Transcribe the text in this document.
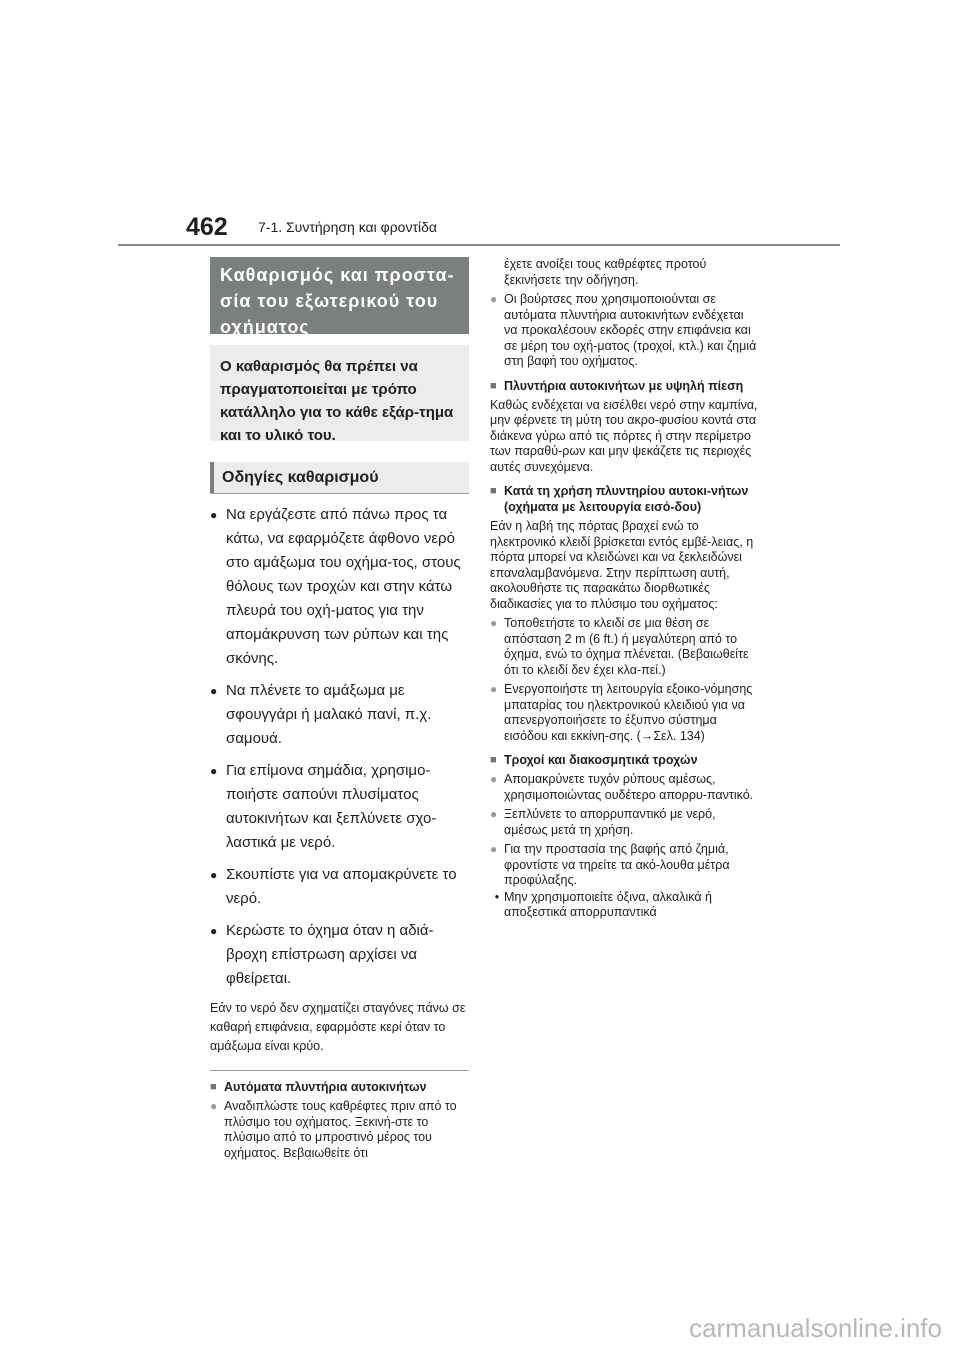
462 7-1. Συντήρηση και φροντίδα
Καθαρισμός και προστα-σία του εξωτερικού του οχήματος
Ο καθαρισμός θα πρέπει να πραγματοποιείται με τρόπο κατάλληλο για το κάθε εξάρ-τημα και το υλικό του.
Οδηγίες καθαρισμού
● Να εργάζεστε από πάνω προς τα κάτω, να εφαρμόζετε άφθονο νερό στο αμάξωμα του οχήμα-τος, στους θόλους των τροχών και στην κάτω πλευρά του οχή-ματος για την απομάκρυνση των ρύπων και της σκόνης.
● Να πλένετε το αμάξωμα με σφουγγάρι ή μαλακό πανί, π.χ. σαμουά.
● Για επίμονα σημάδια, χρησιμο-ποιήστε σαπούνι πλυσίματος αυτοκινήτων και ξεπλύνετε σχο-λαστικά με νερό.
● Σκουπίστε για να απομακρύνετε το νερό.
● Κερώστε το όχημα όταν η αδιά-βροχη επίστρωση αρχίσει να φθείρεται.
Εάν το νερό δεν σχηματίζει σταγόνες πάνω σε καθαρή επιφάνεια, εφαρμόστε κερί όταν το αμάξωμα είναι κρύο.
■ Αυτόματα πλυντήρια αυτοκινήτων
● Αναδιπλώστε τους καθρέφτες πριν από το πλύσιμο του οχήματος. Ξεκινή-στε το πλύσιμο από το μπροστινό μέρος του οχήματος. Βεβαιωθείτε ότι
έχετε ανοίξει τους καθρέφτες προτού ξεκινήσετε την οδήγηση.
● Οι βούρτσες που χρησιμοποιούνται σε αυτόματα πλυντήρια αυτοκινήτων ενδέχεται να προκαλέσουν εκδορές στην επιφάνεια και σε μέρη του οχή-ματος (τροχοί, κτλ.) και ζημιά στη βαφή του οχήματος.
■ Πλυντήρια αυτοκινήτων με υψηλή πίεση
Καθώς ενδέχεται να εισέλθει νερό στην καμπίνα, μην φέρνετε τη μύτη του ακρο-φυσίου κοντά στα διάκενα γύρω από τις πόρτες ή στην περίμετρο των παραθύ-ρων και μην ψεκάζετε τις περιοχές αυτές συνεχόμενα.
■ Κατά τη χρήση πλυντηρίου αυτοκι-νήτων (οχήματα με λειτουργία εισό-δου)
Εάν η λαβή της πόρτας βραχεί ενώ το ηλεκτρονικό κλειδί βρίσκεται εντός εμβέ-λειας, η πόρτα μπορεί να κλειδώνει και να ξεκλειδώνει επαναλαμβανόμενα. Στην περίπτωση αυτή, ακολουθήστε τις παρακάτω διορθωτικές διαδικασίες για το πλύσιμο του οχήματος:
● Τοποθετήστε το κλειδί σε μια θέση σε απόσταση 2 m (6 ft.) ή μεγαλύτερη από το όχημα, ενώ το όχημα πλένεται. (Βεβαιωθείτε ότι το κλειδί δεν έχει κλα-πεί.)
● Ενεργοποιήστε τη λειτουργία εξοικο-νόμησης μπαταρίας του ηλεκτρονικού κλειδιού για να απενεργοποιήσετε το έξυπνο σύστημα εισόδου και εκκίνη-σης. (→Σελ. 134)
■ Τροχοί και διακοσμητικά τροχών
● Απομακρύνετε τυχόν ρύπους αμέσως, χρησιμοποιώντας ουδέτερο απορρυ-παντικό.
● Ξεπλύνετε το απορρυπαντικό με νερό, αμέσως μετά τη χρήση.
● Για την προστασία της βαφής από ζημιά, φροντίστε να τηρείτε τα ακό-λουθα μέτρα προφύλαξης.
• Μην χρησιμοποιείτε όξινα, αλκαλικά ή αποξεστικά απορρυπαντικά
carmanualsonline.info
